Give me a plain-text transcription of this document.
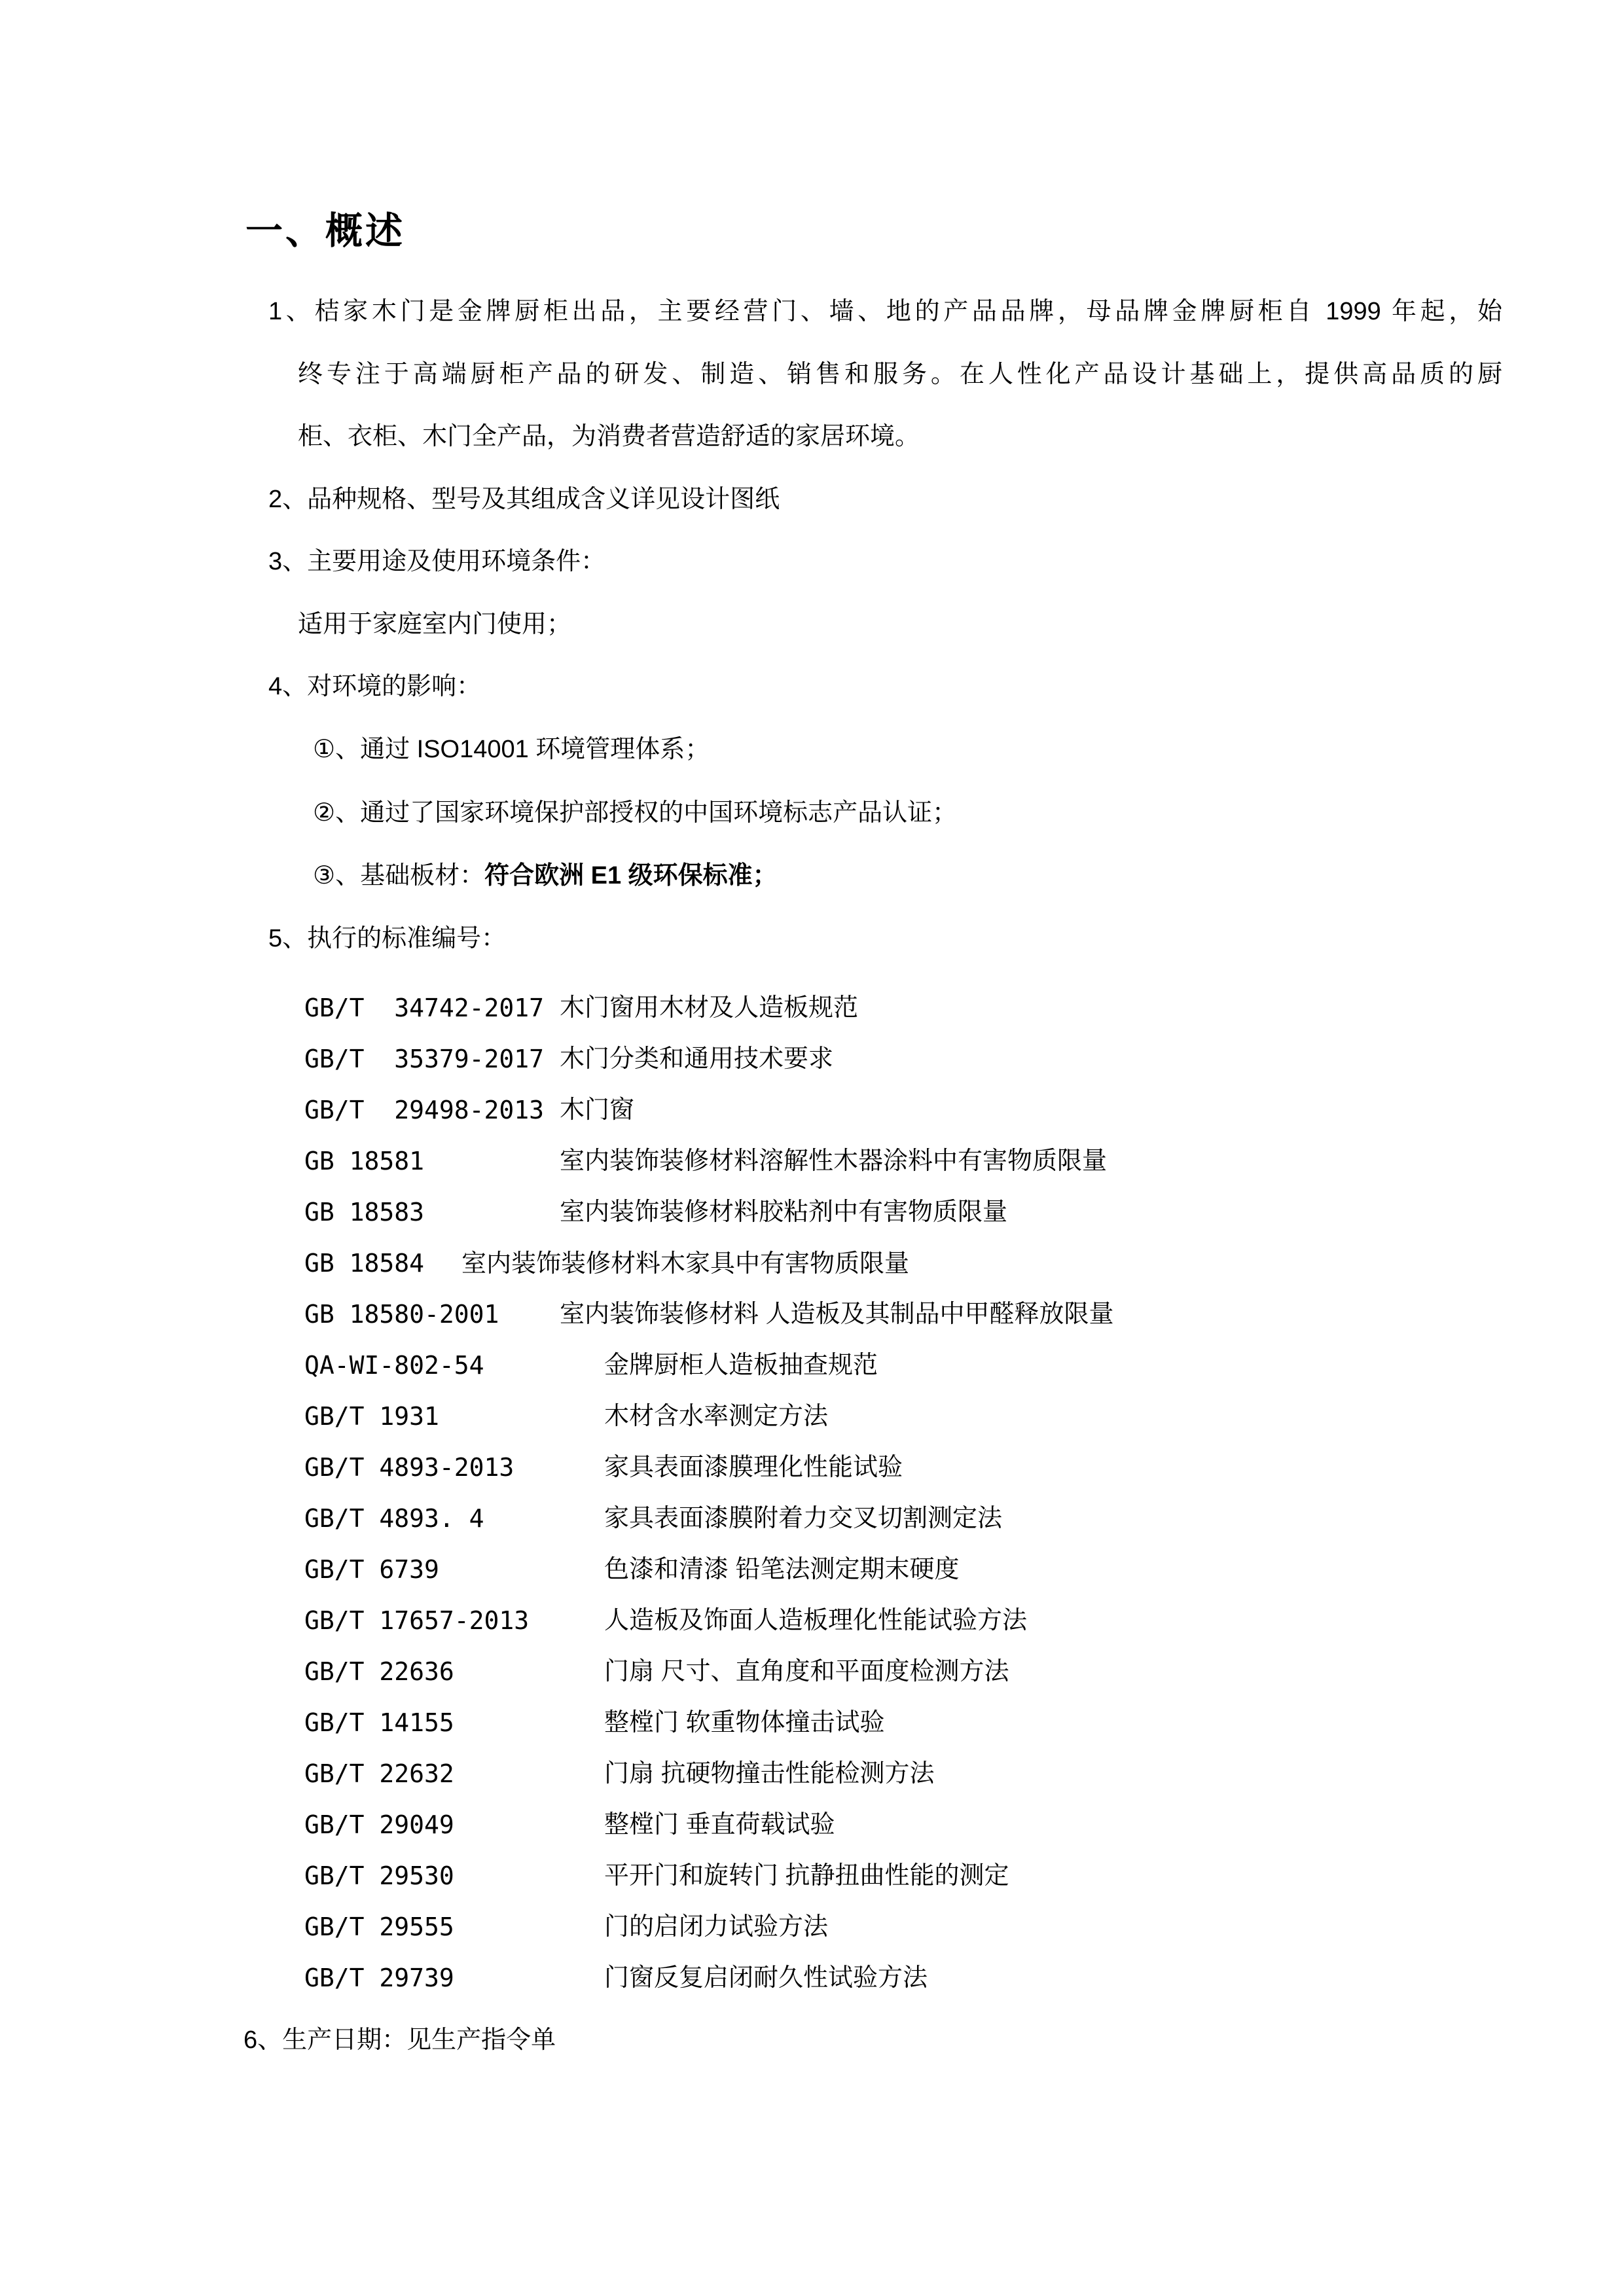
一、概述
1、桔家木门是金牌厨柜出品，主要经营门、墙、地的产品品牌，母品牌金牌厨柜自 1999 年起，始
终专注于高端厨柜产品的研发、制造、销售和服务。在人性化产品设计基础上，提供高品质的厨
柜、衣柜、木门全产品，为消费者营造舒适的家居环境。
2、品种规格、型号及其组成含义详见设计图纸
3、主要用途及使用环境条件：
适用于家庭室内门使用；
4、对环境的影响：
①、通过 ISO14001 环境管理体系；
②、通过了国家环境保护部授权的中国环境标志产品认证；
③、基础板材：符合欧洲 E1 级环保标准；
5、执行的标准编号：
GB/T  34742-2017 木门窗用木材及人造板规范
GB/T  35379-2017 木门分类和通用技术要求
GB/T  29498-2013 木门窗
GB 18581	室内装饰装修材料溶解性木器涂料中有害物质限量
GB 18583	室内装饰装修材料胶粘剂中有害物质限量
GB 18584 室内装饰装修材料木家具中有害物质限量
GB 18580-2001 室内装饰装修材料 人造板及其制品中甲醛释放限量
QA-WI-802-54	金牌厨柜人造板抽查规范
GB/T 1931	木材含水率测定方法
GB/T 4893-2013	家具表面漆膜理化性能试验
GB/T 4893. 4	家具表面漆膜附着力交叉切割测定法
GB/T 6739	色漆和清漆 铅笔法测定期末硬度
GB/T 17657-2013	人造板及饰面人造板理化性能试验方法
GB/T 22636	门扇 尺寸、直角度和平面度检测方法
GB/T 14155	整樘门 软重物体撞击试验
GB/T 22632	门扇 抗硬物撞击性能检测方法
GB/T 29049	整樘门 垂直荷载试验
GB/T 29530	平开门和旋转门 抗静扭曲性能的测定
GB/T 29555	门的启闭力试验方法
GB/T 29739	门窗反复启闭耐久性试验方法
6、生产日期：见生产指令单
